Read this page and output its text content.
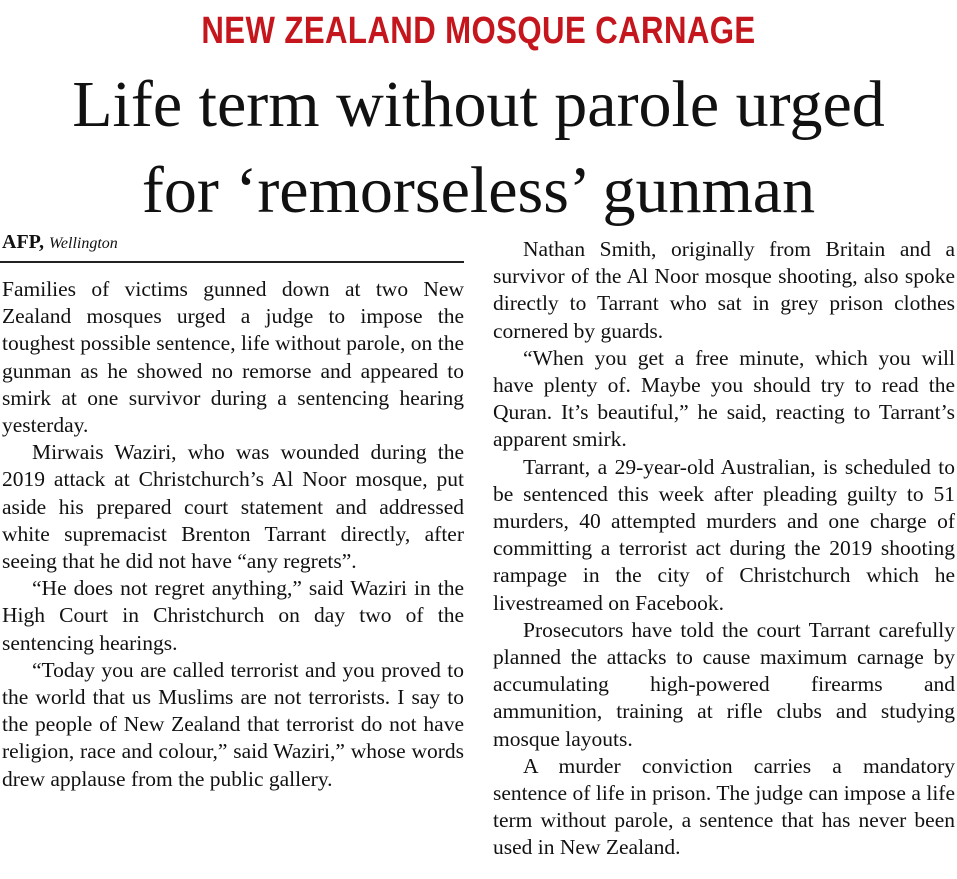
NEW ZEALAND MOSQUE CARNAGE
Life term without parole urged
for ‘remorseless’ gunman
AFP, Wellington

Families of victims gunned down at two New Zealand mosques urged a judge to impose the toughest possible sentence, life without parole, on the gunman as he showed no remorse and appeared to smirk at one survivor during a sentencing hearing yesterday.

Mirwais Waziri, who was wounded during the 2019 attack at Christchurch’s Al Noor mosque, put aside his prepared court statement and addressed white supremacist Brenton Tarrant directly, after seeing that he did not have “any regrets”.

“He does not regret anything,” said Waziri in the High Court in Christchurch on day two of the sentencing hearings.

“Today you are called terrorist and you proved to the world that us Muslims are not terrorists. I say to the people of New Zealand that terrorist do not have religion, race and colour,” said Waziri,” whose words drew applause from the public gallery.

Nathan Smith, originally from Britain and a survivor of the Al Noor mosque shooting, also spoke directly to Tarrant who sat in grey prison clothes cornered by guards.

“When you get a free minute, which you will have plenty of. Maybe you should try to read the Quran. It’s beautiful,” he said, reacting to Tarrant’s apparent smirk.

Tarrant, a 29-year-old Australian, is scheduled to be sentenced this week after pleading guilty to 51 murders, 40 attempted murders and one charge of committing a terrorist act during the 2019 shooting rampage in the city of Christchurch which he livestreamed on Facebook.

Prosecutors have told the court Tarrant carefully planned the attacks to cause maximum carnage by accumulating high-powered firearms and ammunition, training at rifle clubs and studying mosque layouts.

A murder conviction carries a mandatory sentence of life in prison. The judge can impose a life term without parole, a sentence that has never been used in New Zealand.
